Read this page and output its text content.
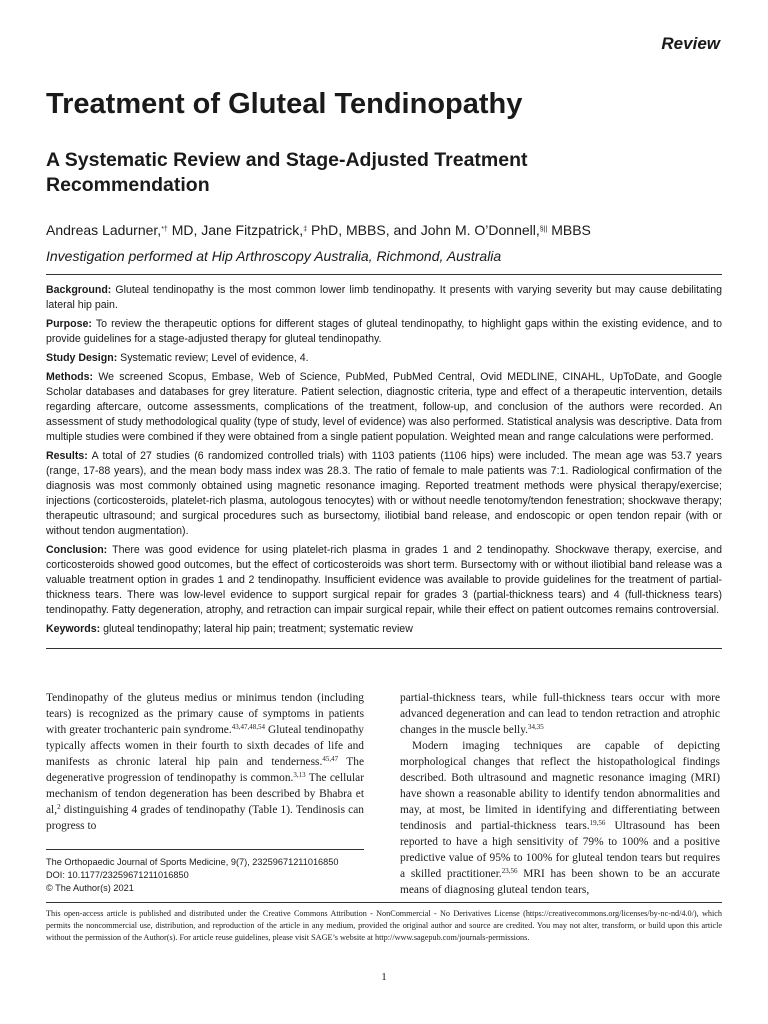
Review
Treatment of Gluteal Tendinopathy
A Systematic Review and Stage-Adjusted Treatment Recommendation
Andreas Ladurner,*† MD, Jane Fitzpatrick,‡ PhD, MBBS, and John M. O’Donnell,§|| MBBS
Investigation performed at Hip Arthroscopy Australia, Richmond, Australia

Background: Gluteal tendinopathy is the most common lower limb tendinopathy. It presents with varying severity but may cause debilitating lateral hip pain.

Purpose: To review the therapeutic options for different stages of gluteal tendinopathy, to highlight gaps within the existing evidence, and to provide guidelines for a stage-adjusted therapy for gluteal tendinopathy.

Study Design: Systematic review; Level of evidence, 4.

Methods: We screened Scopus, Embase, Web of Science, PubMed, PubMed Central, Ovid MEDLINE, CINAHL, UpToDate, and Google Scholar databases and databases for grey literature. Patient selection, diagnostic criteria, type and effect of a therapeutic intervention, details regarding aftercare, outcome assessments, complications of the treatment, follow-up, and conclusion of the authors were recorded. An assessment of study methodological quality (type of study, level of evidence) was also performed. Statistical analysis was descriptive. Data from multiple studies were combined if they were obtained from a single patient population. Weighted mean and range calculations were performed.

Results: A total of 27 studies (6 randomized controlled trials) with 1103 patients (1106 hips) were included. The mean age was 53.7 years (range, 17-88 years), and the mean body mass index was 28.3. The ratio of female to male patients was 7:1. Radiological confirmation of the diagnosis was most commonly obtained using magnetic resonance imaging. Reported treatment methods were physical therapy/exercise; injections (corticosteroids, platelet-rich plasma, autologous tenocytes) with or without needle tenotomy/tendon fenestration; shockwave therapy; therapeutic ultrasound; and surgical procedures such as bursectomy, iliotibial band release, and endoscopic or open tendon repair (with or without tendon augmentation).

Conclusion: There was good evidence for using platelet-rich plasma in grades 1 and 2 tendinopathy. Shockwave therapy, exercise, and corticosteroids showed good outcomes, but the effect of corticosteroids was short term. Bursectomy with or without iliotibial band release was a valuable treatment option in grades 1 and 2 tendinopathy. Insufficient evidence was available to provide guidelines for the treatment of partial-thickness tears. There was low-level evidence to support surgical repair for grades 3 (partial-thickness tears) and 4 (full-thickness tears) tendinopathy. Fatty degeneration, atrophy, and retraction can impair surgical repair, while their effect on patient outcomes remains controversial.

Keywords: gluteal tendinopathy; lateral hip pain; treatment; systematic review

Tendinopathy of the gluteus medius or minimus tendon (including tears) is recognized as the primary cause of symptoms in patients with greater trochanteric pain syndrome.$^{43,47,48,54}$ Gluteal tendinopathy typically affects women in their fourth to sixth decades of life and manifests as chronic lateral hip pain and tenderness.$^{45,47}$ The degenerative progression of tendinopathy is common.$^{3,13}$ The cellular mechanism of tendon degeneration has been described by Bhabra et al,$^2$ distinguishing 4 grades of tendinopathy (Table 1). Tendinosis can progress to

partial-thickness tears, while full-thickness tears occur with more advanced degeneration and can lead to tendon retraction and atrophic changes in the muscle belly.$^{34,35}$

Modern imaging techniques are capable of depicting morphological changes that reflect the histopathological findings described. Both ultrasound and magnetic resonance imaging (MRI) have shown a reasonable ability to identify tendon abnormalities and may, at most, be limited in identifying and differentiating between tendinosis and partial-thickness tears.$^{19,56}$ Ultrasound has been reported to have a high sensitivity of 79% to 100% and a positive predictive value of 95% to 100% for gluteal tendon tears but requires a skilled practitioner.$^{23,56}$ MRI has been shown to be an accurate means of diagnosing gluteal tendon tears,

The Orthopaedic Journal of Sports Medicine, 9(7), 23259671211016850
DOI: 10.1177/23259671211016850
© The Author(s) 2021
This open-access article is published and distributed under the Creative Commons Attribution - NonCommercial - No Derivatives License (https://creativecommons.org/licenses/by-nc-nd/4.0/), which permits the noncommercial use, distribution, and reproduction of the article in any medium, provided the original author and source are credited. You may not alter, transform, or build upon this article without the permission of the Author(s). For article reuse guidelines, please visit SAGE’s website at http://www.sagepub.com/journals-permissions.
1
